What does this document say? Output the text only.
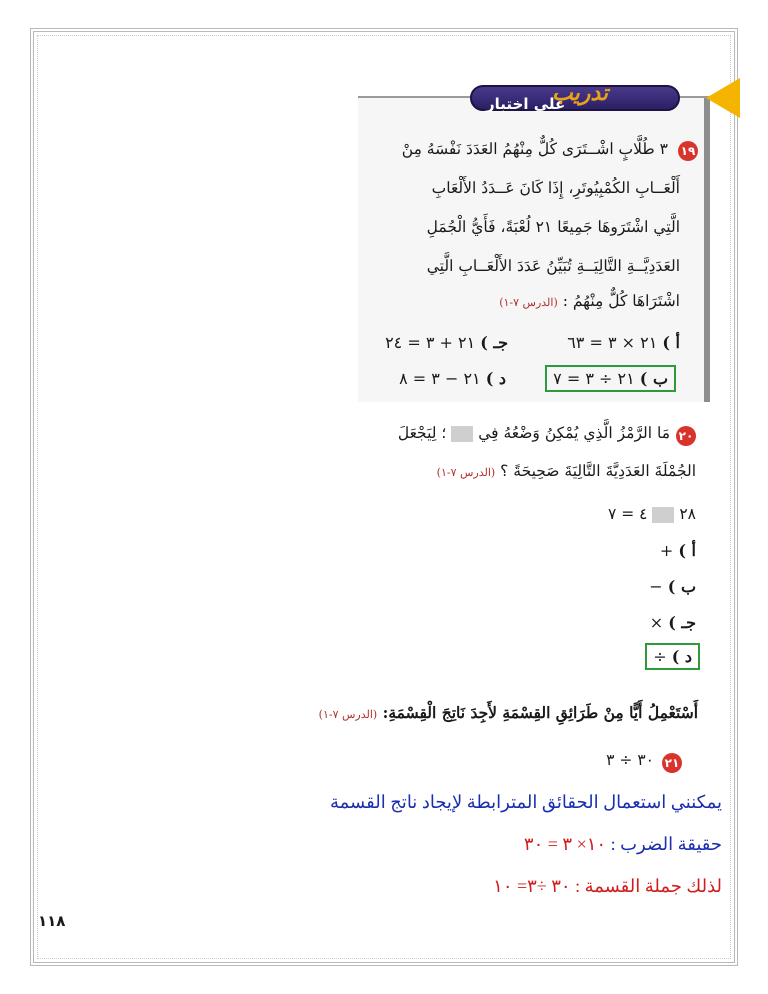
على اختبار
تدريب
١٩
٣ طُلَّابٍ اشْــتَرَى كُلٌّ مِنْهُمُ العَدَدَ نَفْسَهُ مِنْ
أَلْعَــابِ الكُمْبِيُوتَرِ، إِذَا كَانَ عَــدَدُ الأَلْعَابِ
الَّتِي اشْتَرَوهَا جَمِيعًا ٢١ لُعْبَةً، فَأَيُّ الْجُمَلِ
العَدَدِيَّــةِ التَّالِيَــةِ تُبَيِّنُ عَدَدَ الأَلْعَــابِ الَّتِي
اشْتَرَاهَا كُلٌّ مِنْهُمُ : (الدرس ٧-١)
أ ) ٢١ × ٣ = ٦٣
جـ ) ٢١ + ٣ = ٢٤
ب ) ٢١ ÷ ٣ = ٧
د ) ٢١ − ٣ = ٨
٢٠
مَا الرَّمْزُ الَّذِي يُمْكِنُ وَضْعُهُ فِي  ؛ لِيَجْعَلَ
الجُمْلَةَ العَدَدِيَّةَ التَّالِيَةَ صَحِيحَةً ؟ (الدرس ٧-١)
٢٨  ٤ = ٧
أ ) +
ب ) −
جـ ) ×
د ) ÷
أَسْتَعْمِلُ أَيًّا مِنْ طَرَائِقِ القِسْمَةِ لأَجِدَ نَاتِجَ الْقِسْمَةِ: (الدرس ٧-١)
٢١
٣٠ ÷ ٣
يمكنني استعمال الحقائق المترابطة لإيجاد ناتج القسمة
حقيقة الضرب : ١٠× ٣ = ٣٠
لذلك جملة القسمة : ٣٠ ÷٣= ١٠
١١٨
